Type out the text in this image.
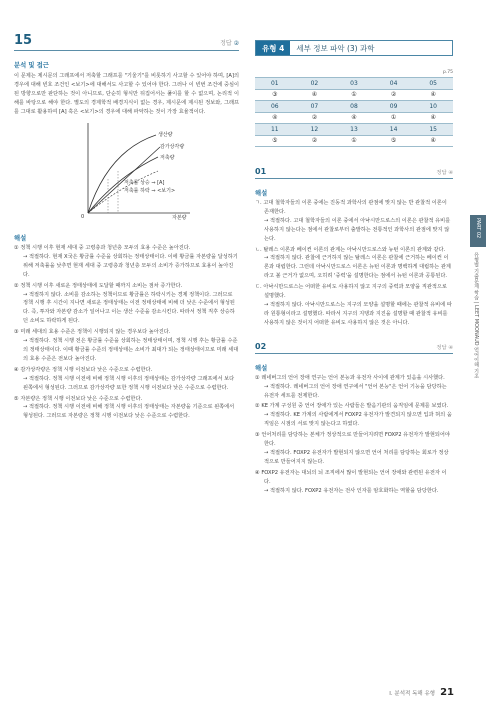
15	정답 ②
분석 및 접근
이 문제는 제시문의 그래프에서 저축할 그래프를 "기울기"를 비롯하기 사고할 수 있어야 하며, [A]의 경우에 대해 빈호 조건인 <보기>에 대해서도 사고할 수 있어야 한다. 그러나 이 빈번 조건에 중심이 된 방향으로만 판단하는 것이 아니므로, 단순히 형식만 뒤집어서는 풀이를 할 수 없으며, 논리적 이해를 바탕으로 해야 한다. 별도의 경제학적 배경지식이 없는 경우, 제시문에 제시된 정보와, 그래프를 그대로 활용하여 [A] 혹은 <보기>의 경우에 대해 파악하는 것이 가장 효율적이다.
생산량
감가상각량
저축량
저축률 상승 ⇒ [A]
저축률 하락 ⇒ <보기>
0	자본량
해설
① 정책 시행 이후 현재 세대 중 고령층과 청년층 모두의 효용 수준은 높아진다.
→ 적절하다. 현재 X국은 황금률 수준을 상회하는 정태상태이다. 이에 황금률 자본량을 달성하기 위해 저축률을 낮추면 현재 세대 중 고령층과 청년층 모두의 소비가 증가하므로 효용이 높아진다.
② 정책 시행 이후 새로운 정태상태에 도달할 때까지 소비는 점차 증가한다.
→ 적절하지 않다. 소비를 감소하는 정책이므로 황금률은 하락시키는 경제 정책이다. 그러므로 정책 시행 후 시간이 지나면 새로운 정태상태는 이전 정태상태에 비해 더 낮은 수준에서 형성된다. 즉, 투자와 자본량 감소가 일어나고 이는 생산 수준을 감소시킨다. 따라서 정책 직후 상승하던 소비도 하락하게 된다.
③ 미래 세대의 효용 수준은 정책이 시행되지 않는 경우보다 높아진다.
→ 적절하다. 정책 시행 전은 황금률 수준을 상회하는 정태상태이며, 정책 시행 후는 황금률 수준의 정태상태이다. 이때 황금률 수준의 정태상태는 소비가 최대가 되는 정태상태이므로 미래 세대의 효용 수준은 전보다 높아진다.
④ 감가상각량은 정책 시행 이전보다 낮은 수준으로 수렴한다.
→ 적절하다. 정책 시행 이전에 비해 정책 시행 이후의 정태상태는 감가상각량 그래프에서 보다 왼쪽에서 형성된다. 그러므로 감가상각량 또한 정책 시행 이전보다 낮은 수준으로 수렴한다.
⑤ 자본량은 정책 시행 이전보다 낮은 수준으로 수렴한다.
→ 적절하다. 정책 시행 이전에 비해 정책 시행 이후의 정태상태는 자본량을 기준으로 왼쪽에서 형성된다. 그러므로 자본량은 정책 시행 이전보다 낮은 수준으로 수렴한다.
유형 4	세부 정보 파악 (3) 과학
p.75
01	02	03	04	05
③	④	①	②	④
06	07	08	09	10
④	②	④	①	④
11	12	13	14	15
⑤	②	①	⑤	④
01	정답 ④
해설
ㄱ. 고대 철학자들의 이론 중에는 진동적 과학사의 관점에 맞지 않는 반 관찰적 이론이 존재한다.
→ 적절하다. 고대 철학자들의 이론 중에서 아낙시만드로스의 이론은 관찰적 유비를 사용하지 않는다는 점에서 관찰로부터 출발하는 전통적인 과학사의 관점에 맞지 않는다.
ㄴ. 탈레스 이론과 베이컨 이론의 관계는 아낙시만드로스와 뉴턴 이론의 관계와 같다.
→ 적절하지 않다. 관찰에 근거하지 않는 탈레스 이론은 관찰에 근거하는 베이컨 이론과 대립한다. 그런데 아낙시만드로스 이론은 뉴턴 이론과 명백하게 대립하는 관계라고 볼 근거가 없으며, 오히려 '중력'을 설명한다는 점에서 뉴턴 이론과 공통된다.
ㄷ. 아낙시만드로스는 어떠한 유비도 사용하지 않고 지구의 중력과 모양을 직관적으로 설명했다.
→ 적절하지 않다. 아낙시만드로스는 지구의 모양을 설명할 때에는 관찰적 유비에 따라 원통형이라고 설명했다. 따라서 지구의 지탱과 지진을 설명할 때 관찰적 유비를 사용하지 않은 것이지 어떠한 유비도 사용하지 않은 것은 아니다.
02	정답 ④
해설
① 레네버그의 언어 장애 연구는 언어 본능과 유전자 사이에 관계가 있음을 시사했다.
→ 적절하다. 레네버그의 언어 장애 연구에서 "언어 본능"은 언어 기능을 담당하는 유전자 세트를 전제한다.
② KE 가계 구성원 중 언어 장애가 있는 사람들은 발음기관의 움직임에 문제를 보였다.
→ 적절하다. KE 가계의 사람에게서 FOXP2 유전자가 발견되지 않으면 입과 혀의 움직임은 시점의 서로 맞지 않는다고 하였다.
③ 언어처리를 담당하는 본체가 정상적으로 만들어지려면 FOXP2 유전자가 발현되어야 한다.
→ 적절하다. FOXP2 유전자가 발현되지 않으면 언어 처리를 담당하는 회로가 정상적으로 만들어지지 않는다.
④ FOXP2 유전자는 대뇌의 뇌 조직에서 많이 발현되는 언어 장애와 관련된 유전자 이다.
→ 적절하지 않다. FOXP2 유전자는 전사 인자를 암호화하는 역할을 담당한다.
PART 02
유형별 기출문제 학습 | LEET MOONAUD 언어이해 기초
I. 분석적 독해 유형 21
